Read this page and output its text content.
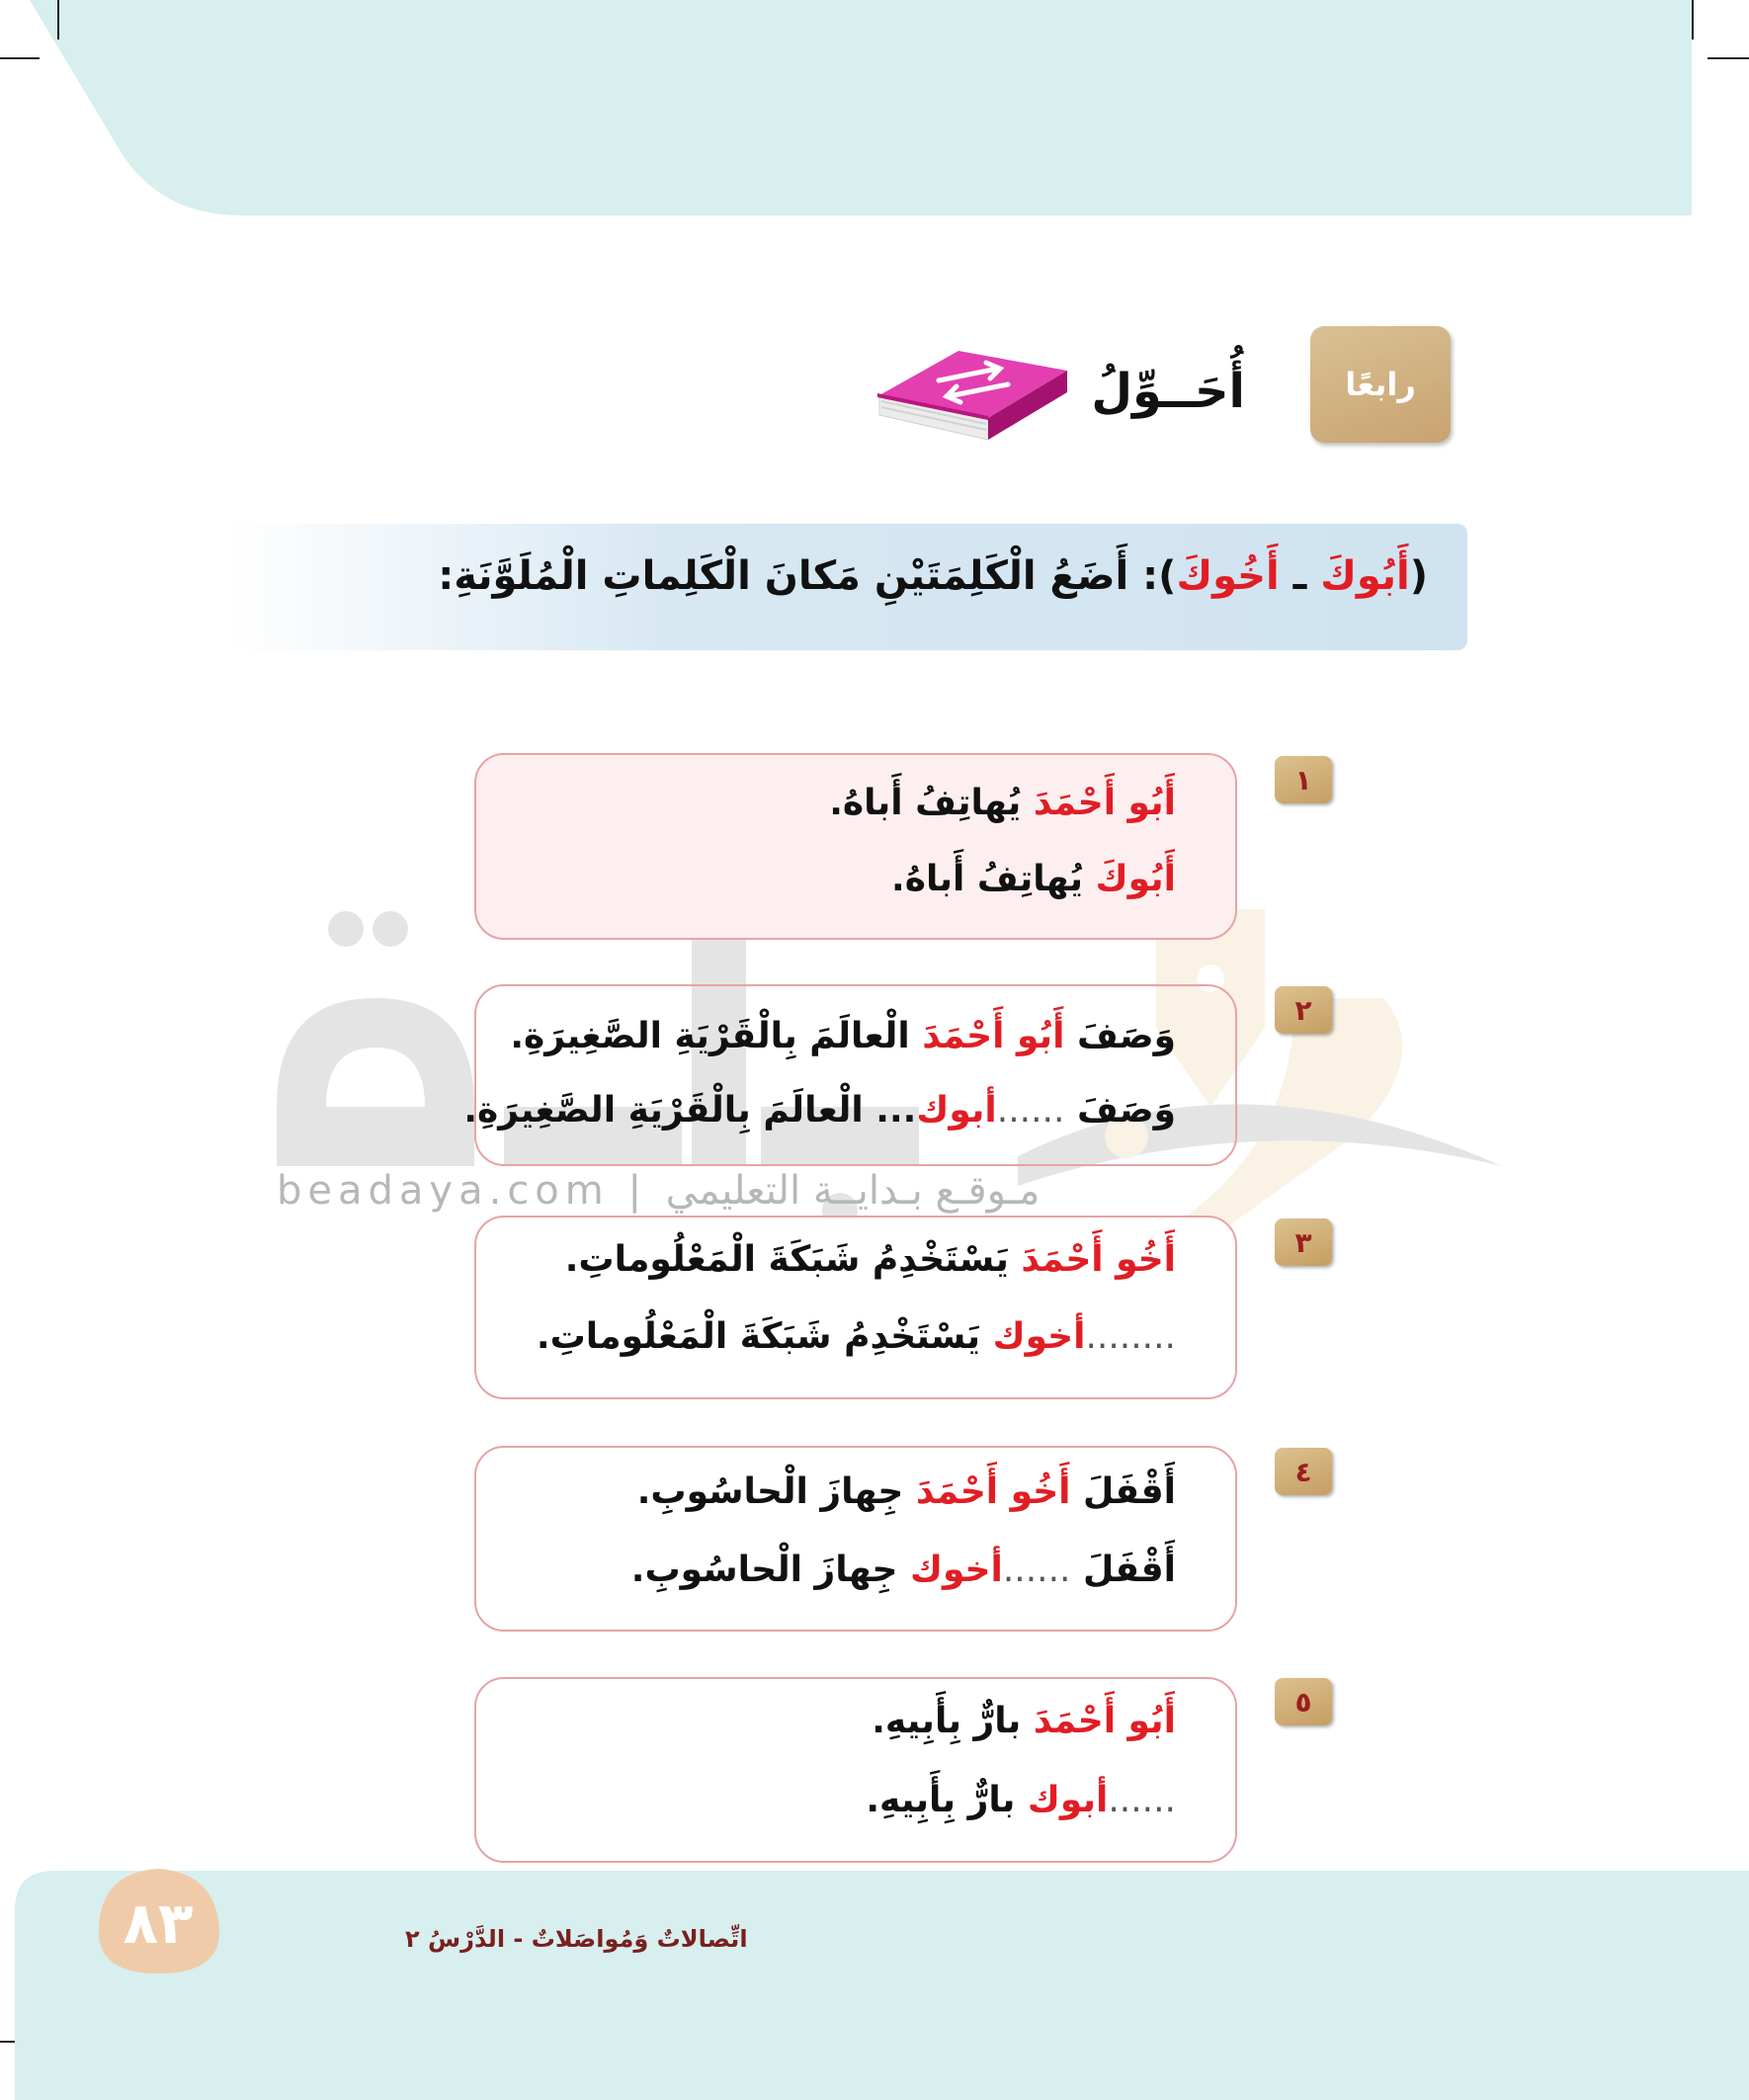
رابعًا
أُحَــوِّلُ
(أَبُوكَ ـ أَخُوكَ): أَضَعُ الْكَلِمَتَيْنِ مَكانَ الْكَلِماتِ الْمُلَوَّنَةِ:
beadaya.com | مـوقـع بـدايــة التعليمي
١
أَبُو أَحْمَدَ يُهاتِفُ أَباهُ.
أَبُوكَ يُهاتِفُ أَباهُ.
٢
وَصَفَ أَبُو أَحْمَدَ الْعالَمَ بِالْقَرْيَةِ الصَّغِيرَةِ.
وَصَفَ ......أبوك... الْعالَمَ بِالْقَرْيَةِ الصَّغِيرَةِ.
٣
أَخُو أَحْمَدَ يَسْتَخْدِمُ شَبَكَةَ الْمَعْلُوماتِ.
........أخوك يَسْتَخْدِمُ شَبَكَةَ الْمَعْلُوماتِ.
٤
أَقْفَلَ أَخُو أَحْمَدَ جِهازَ الْحاسُوبِ.
أَقْفَلَ ......أخوك جِهازَ الْحاسُوبِ.
٥
أَبُو أَحْمَدَ بارٌّ بِأَبِيهِ.
......أبوك بارٌّ بِأَبِيهِ.
٨٣	اتِّصالاتٌ وَمُواصَلاتٌ - الدَّرْسُ ٢
